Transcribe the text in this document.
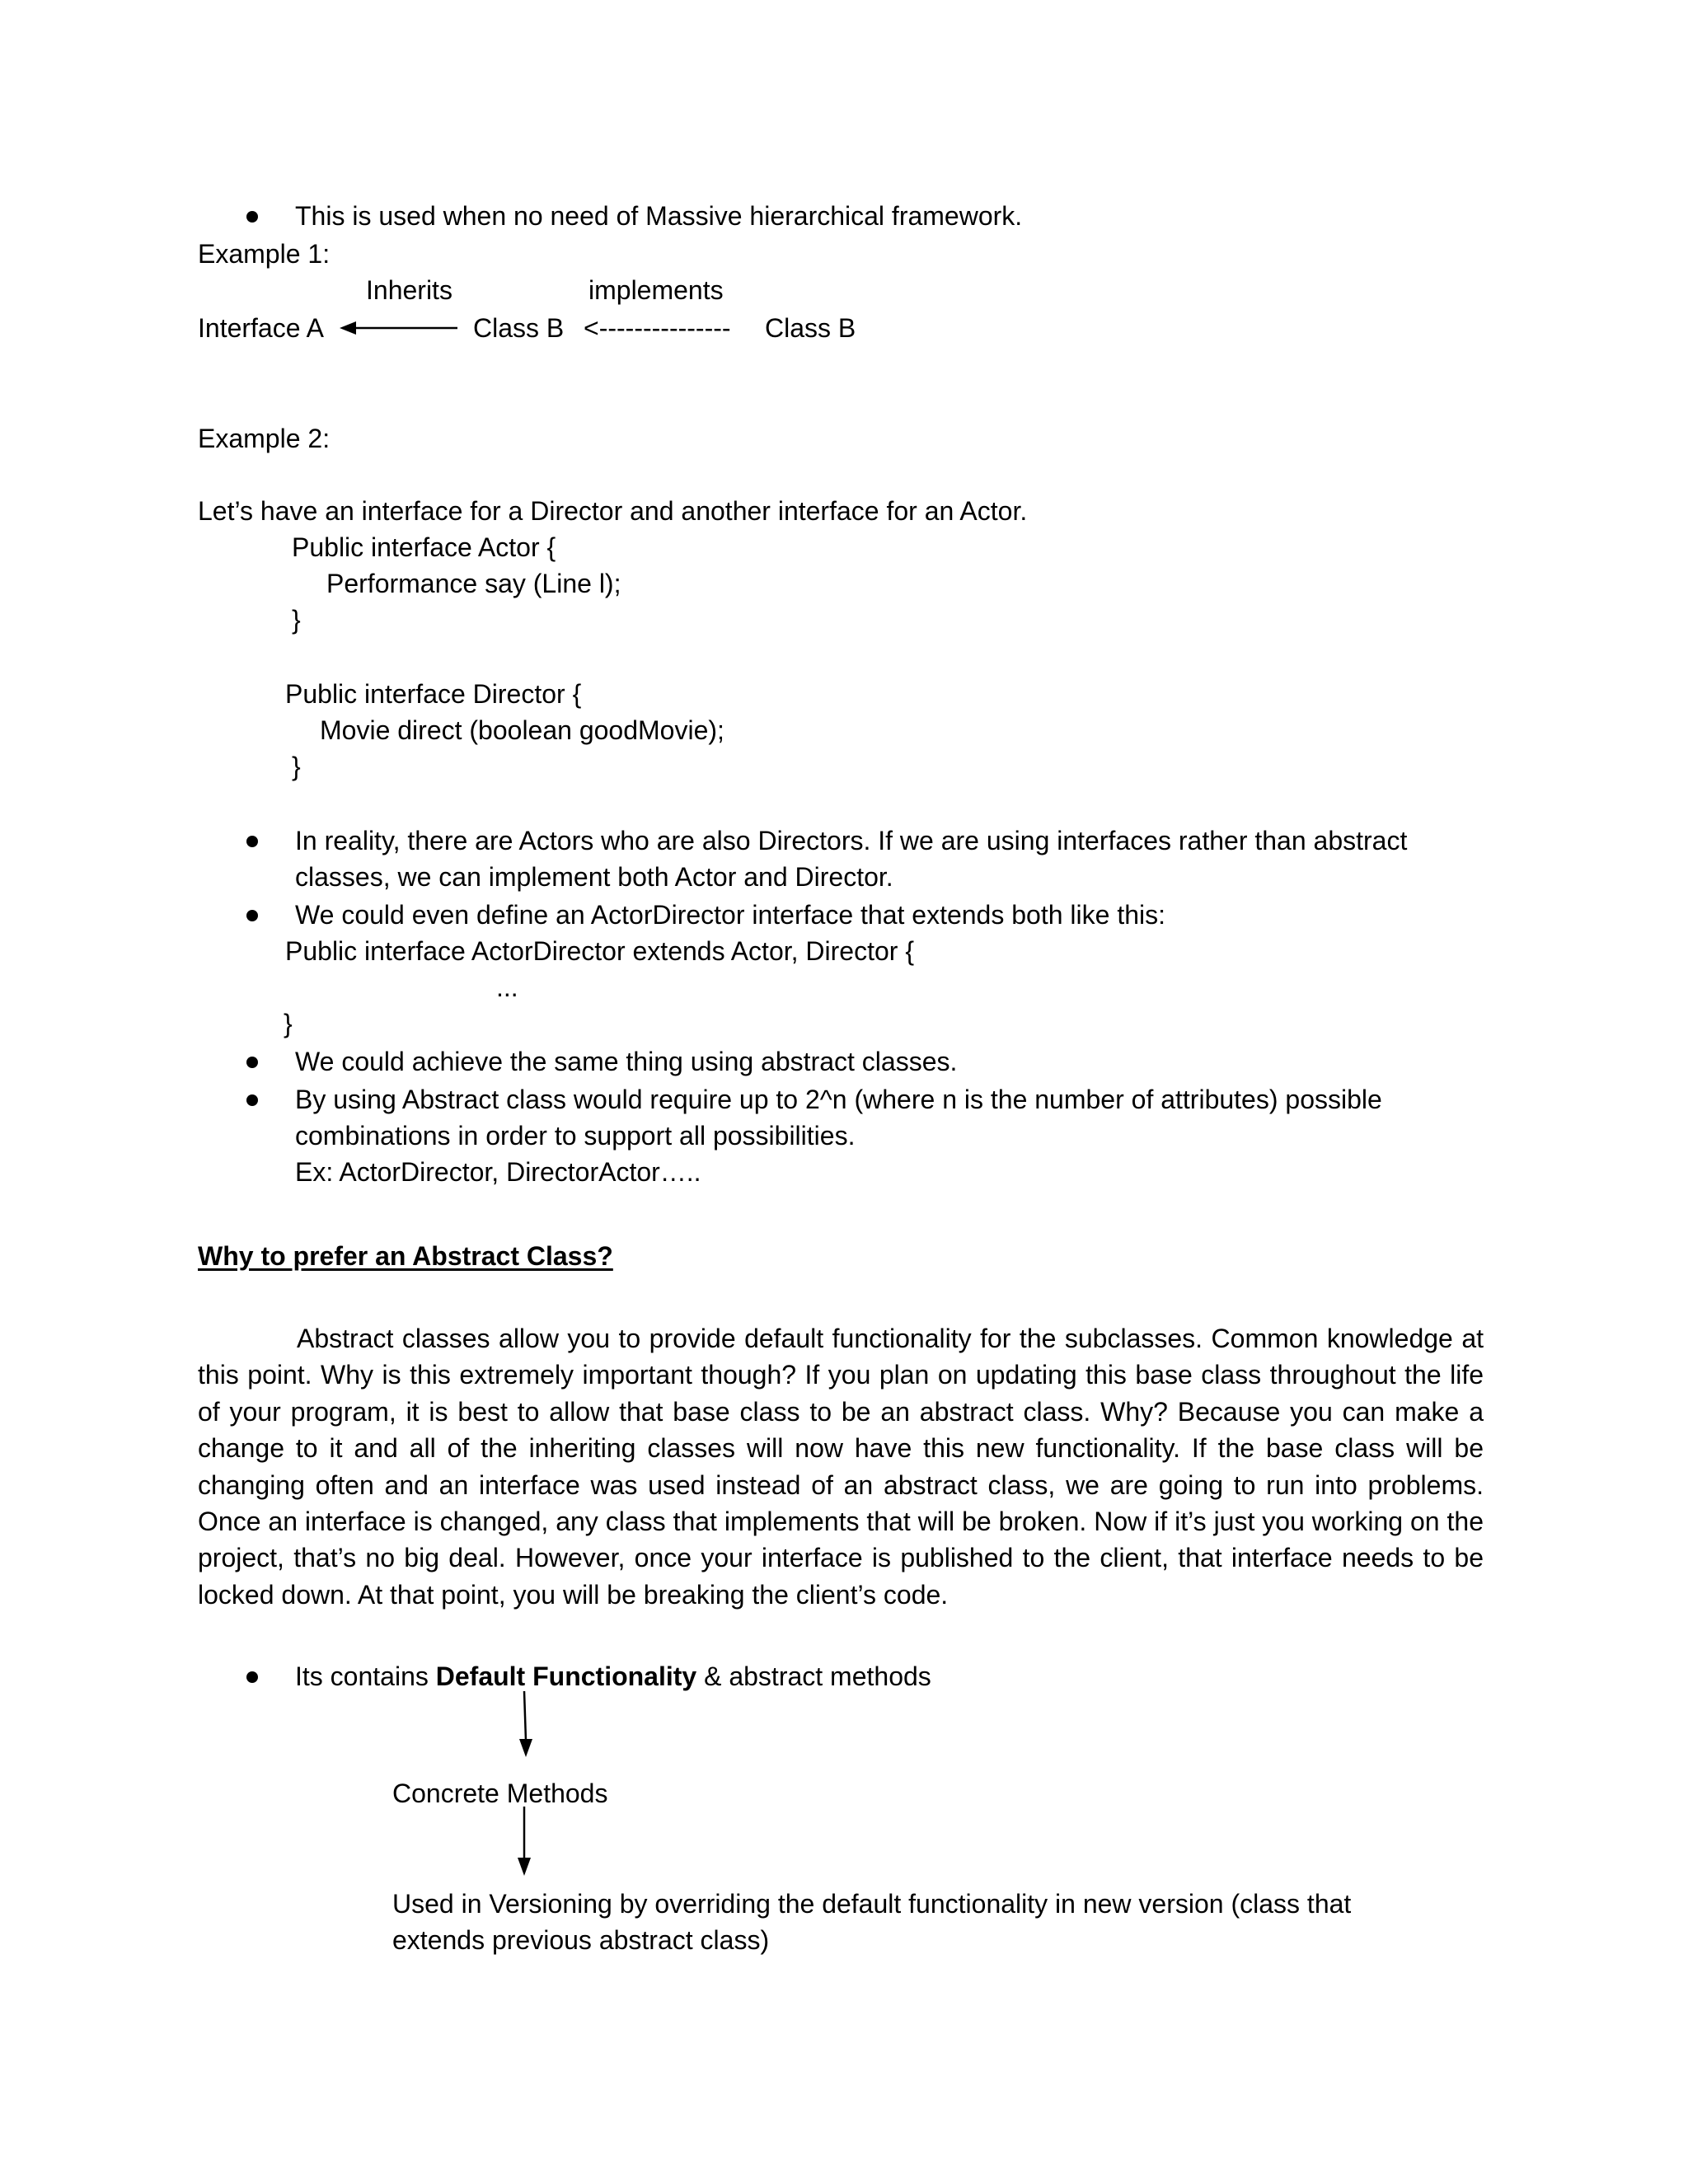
This is used when no need of Massive hierarchical framework.
Example 1:
Inherits	implements
Interface A	Class B <--------------- Class B
Example 2:
Let’s have an interface for a Director and another interface for an Actor.
Public interface Actor {
Performance say (Line l);
}
Public interface Director {
Movie direct (boolean goodMovie);
}
In reality, there are Actors who are also Directors. If we are using interfaces rather than abstract
classes, we can implement both Actor and Director.
We could even define an ActorDirector interface that extends both like this:
Public interface ActorDirector extends Actor, Director {
...
}
We could achieve the same thing using abstract classes.
By using Abstract class would require up to 2^n (where n is the number of attributes) possible
combinations in order to support all possibilities.
Ex: ActorDirector, DirectorActor…..
Why to prefer an Abstract Class?
Abstract classes allow you to provide default functionality for the subclasses. Common knowledge at this point. Why is this extremely important though? If you plan on updating this base class throughout the life of your program, it is best to allow that base class to be an abstract class. Why? Because you can make a change to it and all of the inheriting classes will now have this new functionality. If the base class will be changing often and an interface was used instead of an abstract class, we are going to run into problems. Once an interface is changed, any class that implements that will be broken. Now if it’s just you working on the project, that’s no big deal. However, once your interface is published to the client, that interface needs to be locked down. At that point, you will be breaking the client’s code.
Its contains Default Functionality & abstract methods
Concrete Methods
Used in Versioning by overriding the default functionality in new version (class that
extends previous abstract class)
